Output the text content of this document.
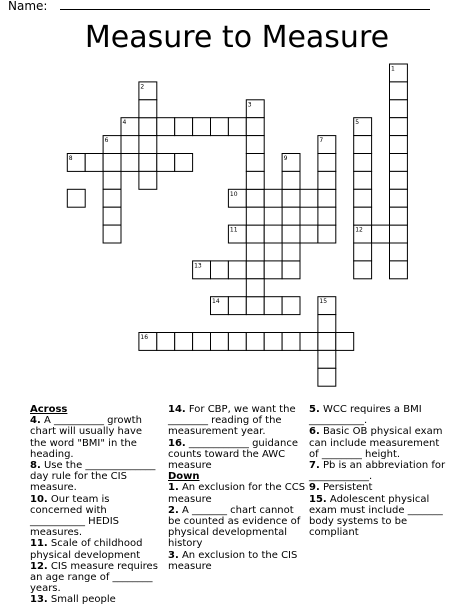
Name:
Measure to Measure
1
2
3
4	5
6	7
8	9
10
11	12
13
14	15
16
Across
4. A __________ growth chart will usually have the word "BMI" in the heading.
8. Use the ______________ day rule for the CIS measure.
10. Our team is concerned with ___________ HEDIS measures.
11. Scale of childhood physical development
12. CIS measure requires an age range of ________ years.
13. Small people
14. For CBP, we want the ________ reading of the measurement year.
16. ____________ guidance counts toward the AWC measure
Down
1. An exclusion for the CCS measure
2. A _______ chart cannot be counted as evidence of physical developmental history
3. An exclusion to the CIS measure
5. WCC requires a BMI ___________.
6. Basic OB physical exam can include measurement of ________ height.
7. Pb is an abbreviation for ____________.
9. Persistent
15. Adolescent physical exam must include _______ body systems to be compliant
